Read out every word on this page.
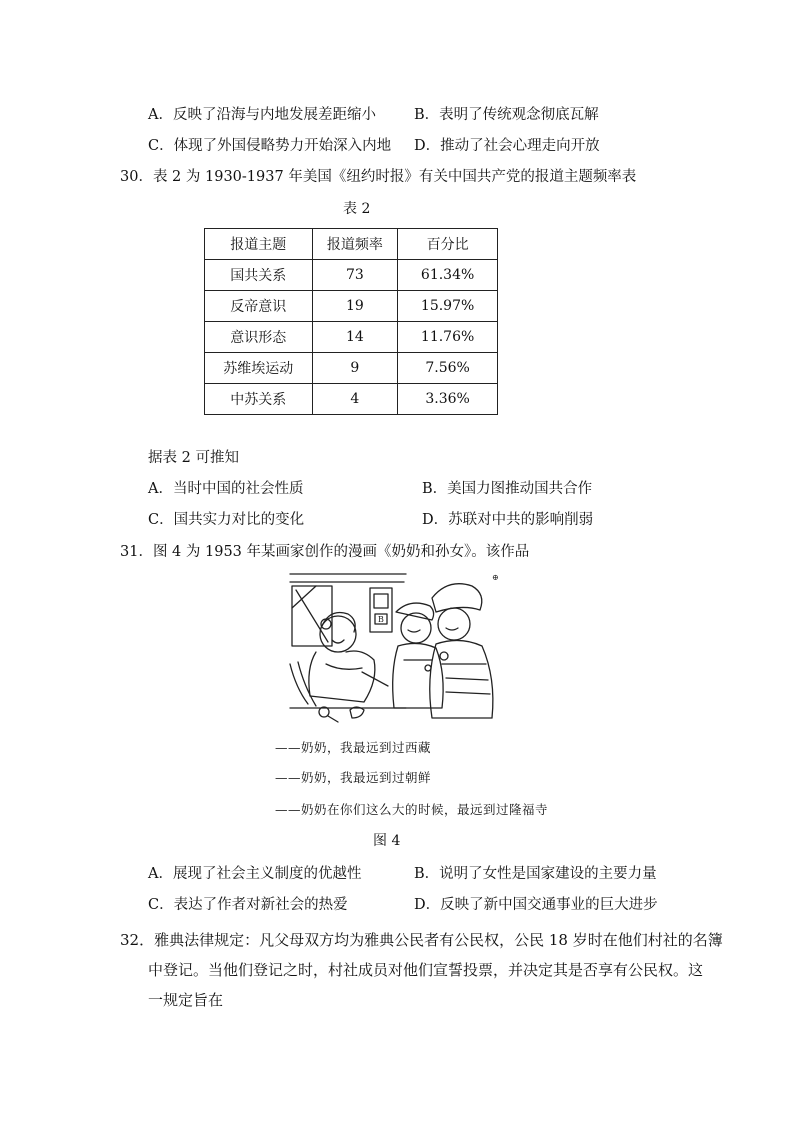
A．反映了沿海与内地发展差距缩小	B．表明了传统观念彻底瓦解
C．体现了外国侵略势力开始深入内地 D．推动了社会心理走向开放
30．表 2 为 1930-1937 年美国《纽约时报》有关中国共产党的报道主题频率表
表 2
报道主题	报道频率	百分比
国共关系	73	61.34%
反帝意识	19	15.97%
意识形态	14	11.76%
苏维埃运动	9	7.56%
中苏关系	4	3.36%
据表 2 可推知
A．当时中国的社会性质	B．美国力图推动国共合作
C．国共实力对比的变化	D．苏联对中共的影响削弱
31．图 4 为 1953 年某画家创作的漫画《奶奶和孙女》。该作品
B
⊕
——奶奶，我最远到过西藏
——奶奶，我最远到过朝鲜
——奶奶在你们这么大的时候，最远到过隆福寺
图 4
A．展现了社会主义制度的优越性	B．说明了女性是国家建设的主要力量
C．表达了作者对新社会的热爱	D．反映了新中国交通事业的巨大进步
32．雅典法律规定：凡父母双方均为雅典公民者有公民权，公民 18 岁时在他们村社的名簿
中登记。当他们登记之时，村社成员对他们宣誓投票，并决定其是否享有公民权。这
一规定旨在
